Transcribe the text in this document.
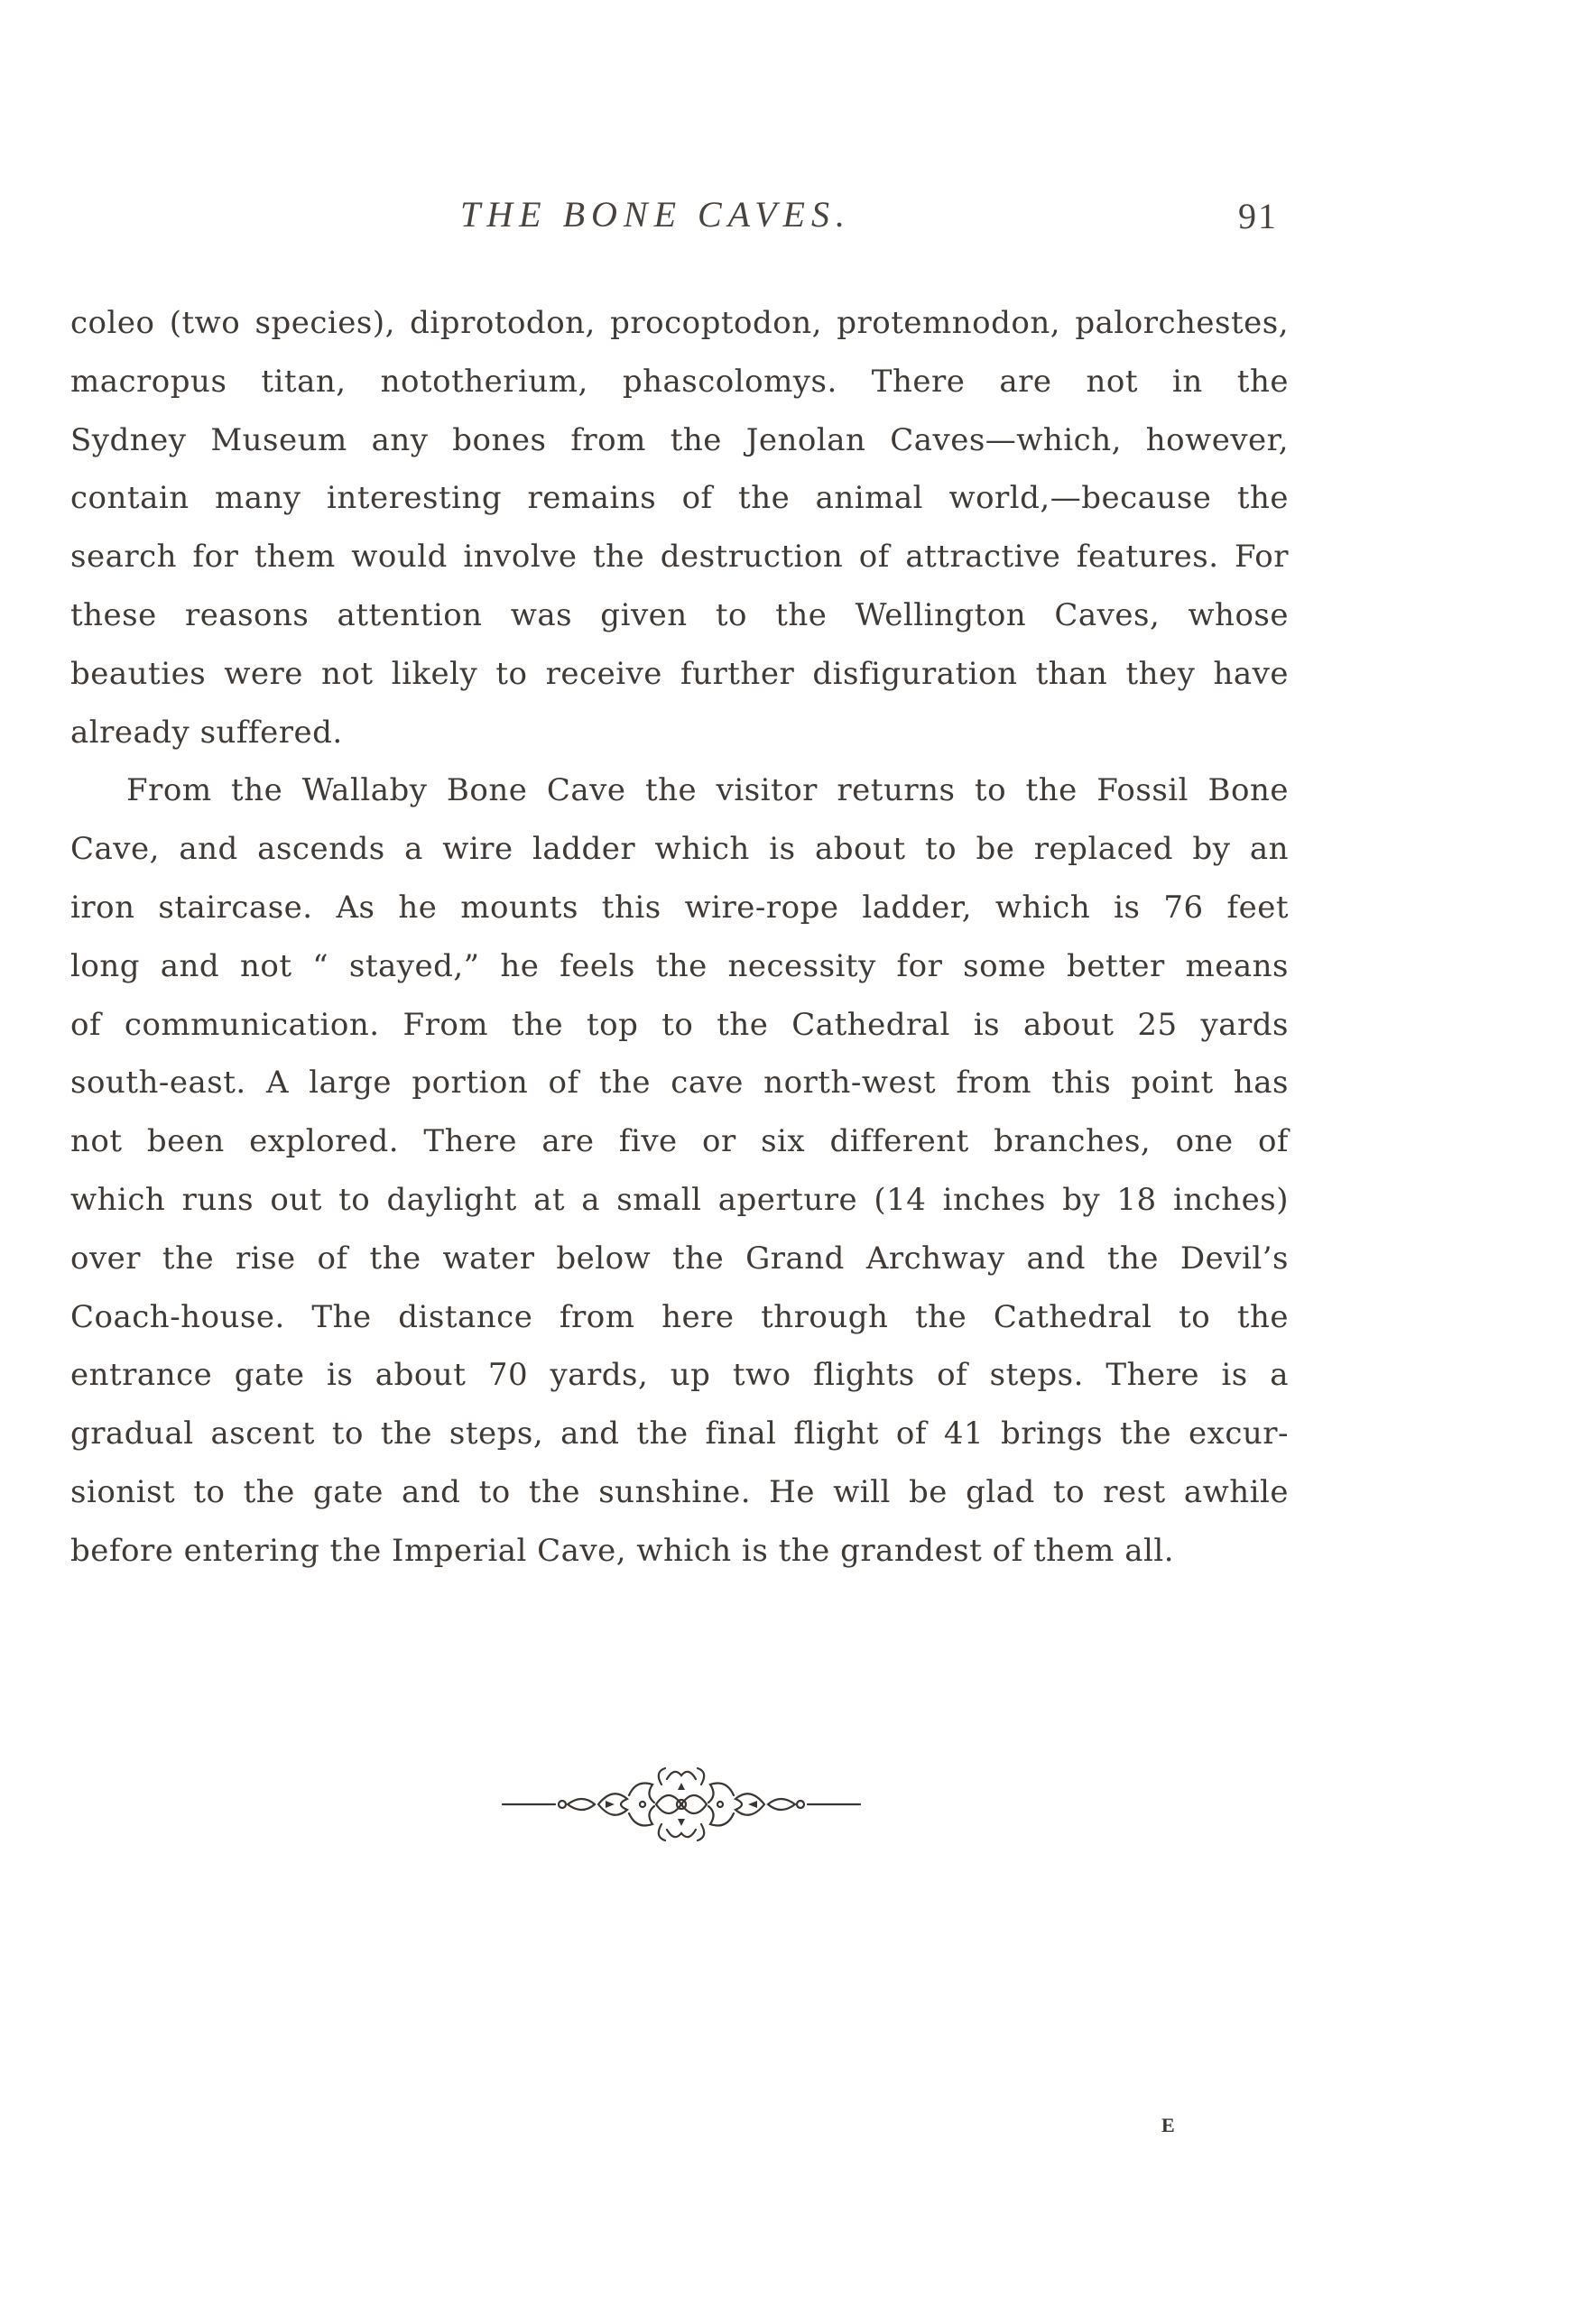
THE BONE CAVES.	91
coleo (two species), diprotodon, procoptodon, protemnodon, palorchestes,
macropus titan, nototherium, phascolomys. There are not in the
Sydney Museum any bones from the Jenolan Caves—which, however,
contain many interesting remains of the animal world,—because the
search for them would involve the destruction of attractive features. For
these reasons attention was given to the Wellington Caves, whose
beauties were not likely to receive further disfiguration than they have
already suffered.
From the Wallaby Bone Cave the visitor returns to the Fossil Bone
Cave, and ascends a wire ladder which is about to be replaced by an
iron staircase. As he mounts this wire-rope ladder, which is 76 feet
long and not “ stayed,” he feels the necessity for some better means
of communication. From the top to the Cathedral is about 25 yards
south-east. A large portion of the cave north-west from this point has
not been explored. There are five or six different branches, one of
which runs out to daylight at a small aperture (14 inches by 18 inches)
over the rise of the water below the Grand Archway and the Devil’s
Coach-house. The distance from here through the Cathedral to the
entrance gate is about 70 yards, up two flights of steps. There is a
gradual ascent to the steps, and the final flight of 41 brings the excur-
sionist to the gate and to the sunshine. He will be glad to rest awhile
before entering the Imperial Cave, which is the grandest of them all.
E
